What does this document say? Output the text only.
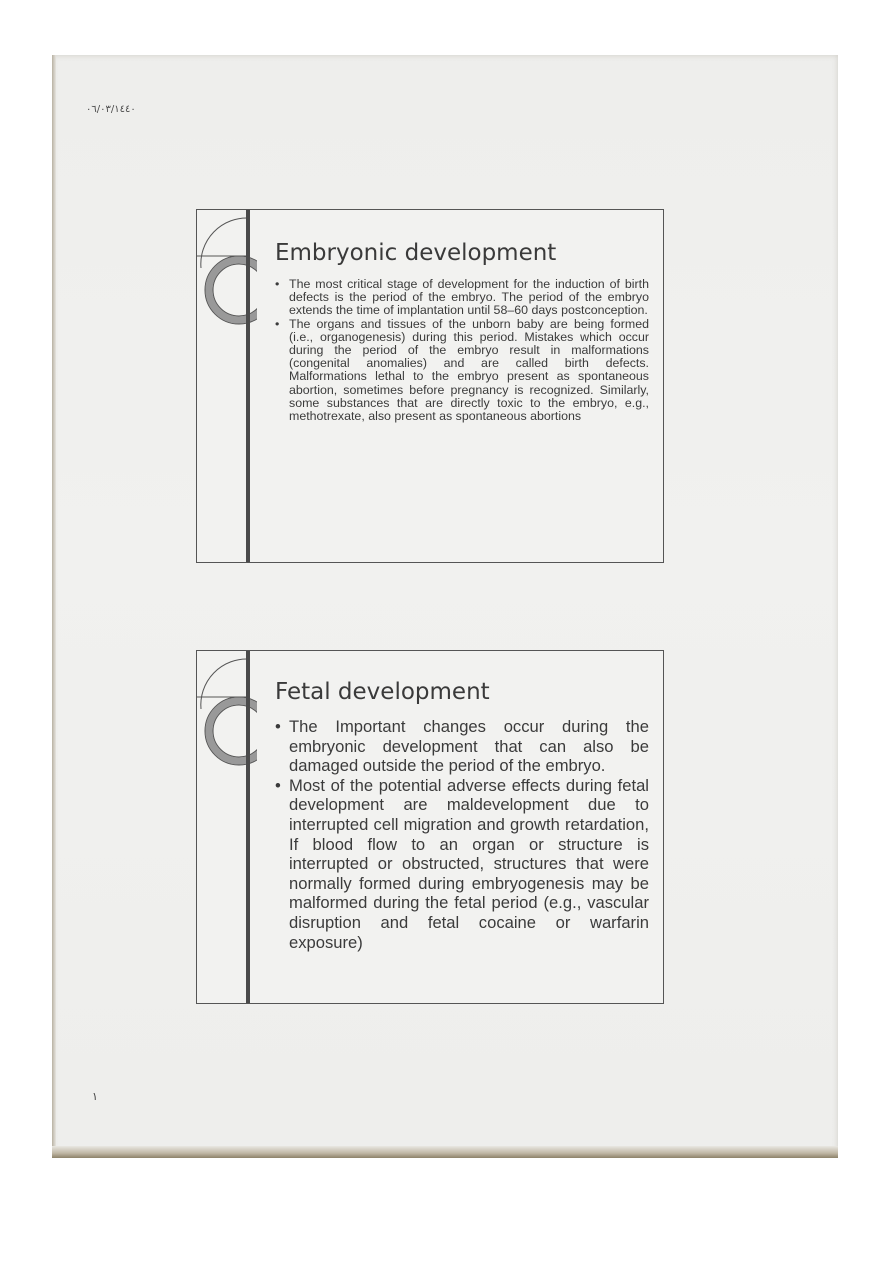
٠٦/٠٣/١٤٤٠
Embryonic development
• The most critical stage of development for the induction of birth defects is the period of the embryo. The period of the embryo extends the time of implantation until 58–60 days postconception.
• The organs and tissues of the unborn baby are being formed (i.e., organogenesis) during this period. Mistakes which occur during the period of the embryo result in malformations (congenital anomalies) and are called birth defects. Malformations lethal to the embryo present as spontaneous abortion, sometimes before pregnancy is recognized. Similarly, some substances that are directly toxic to the embryo, e.g., methotrexate, also present as spontaneous abortions
Fetal development
• The Important changes occur during the embryonic development that can also be damaged outside the period of the embryo.
• Most of the potential adverse effects during fetal development are maldevelopment due to interrupted cell migration and growth retardation, If blood flow to an organ or structure is interrupted or obstructed, structures that were normally formed during embryogenesis may be malformed during the fetal period (e.g., vascular disruption and fetal cocaine or warfarin exposure)
١
